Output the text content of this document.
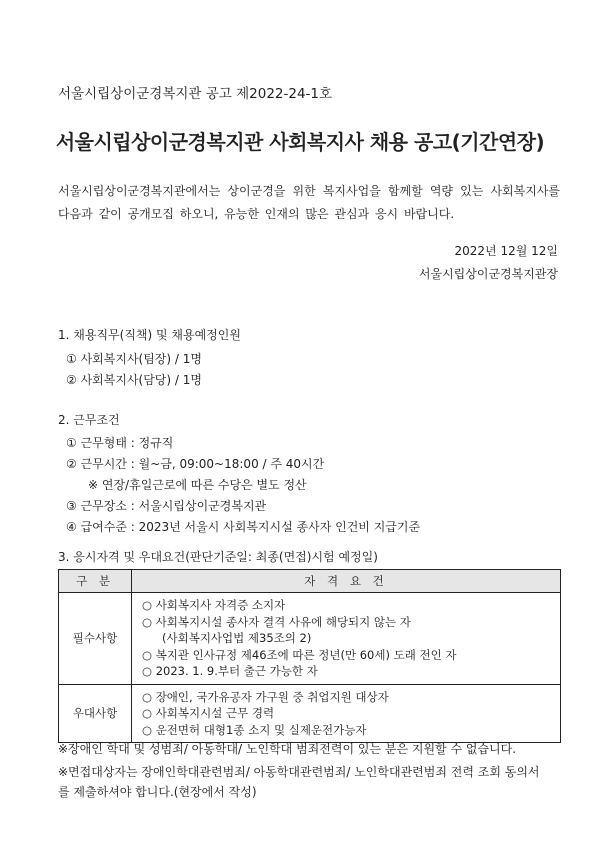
서울시립상이군경복지관 공고 제2022-24-1호
서울시립상이군경복지관 사회복지사 채용 공고(기간연장)
서울시립상이군경복지관에서는 상이군경을 위한 복지사업을 함께할 역량 있는 사회복지사를 다음과 같이 공개모집 하오니, 유능한 인재의 많은 관심과 응시 바랍니다.
2022년 12월 12일
서울시립상이군경복지관장
1. 채용직무(직책) 및 채용예정인원
① 사회복지사(팀장) / 1명
② 사회복지사(담당) / 1명
2. 근무조건
① 근무형태 : 정규직
② 근무시간 : 월~금, 09:00~18:00 / 주 40시간
※ 연장/휴일근로에 따른 수당은 별도 정산
③ 근무장소 : 서울시립상이군경복지관
④ 급여수준 : 2023년 서울시 사회복지시설 종사자 인건비 지급기준
3. 응시자격 및 우대요건(판단기준일: 최종(면접)시험 예정일)
구 분	자 격 요 건
필수사항	○ 사회복지사 자격증 소지자
○ 사회복지시설 종사자 결격 사유에 해당되지 않는 자
(사회복지사업법 제35조의 2)
○ 복지관 인사규정 제46조에 따른 정년(만 60세) 도래 전인 자
○ 2023. 1. 9.부터 출근 가능한 자

우대사항	○ 장애인, 국가유공자 가구원 중 취업지원 대상자
○ 사회복지시설 근무 경력
○ 운전면허 대형1종 소지 및 실제운전가능자
※장애인 학대 및 성범죄/ 아동학대/ 노인학대 범죄전력이 있는 분은 지원할 수 없습니다.
※면접대상자는 장애인학대관련범죄/ 아동학대관련범죄/ 노인학대관련범죄 전력 조회 동의서
를 제출하셔야 합니다.(현장에서 작성)
